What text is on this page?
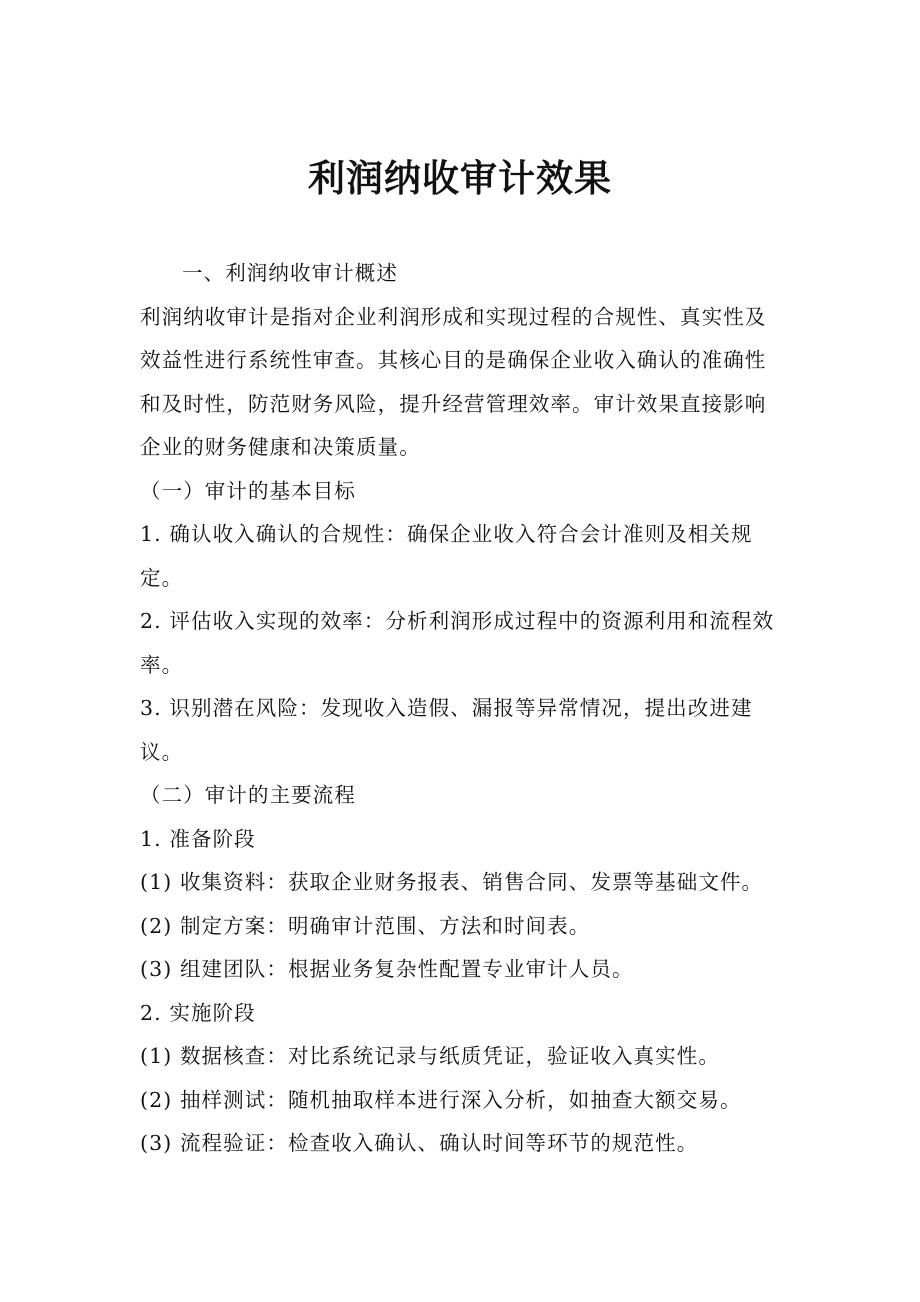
利润纳收审计效果

一、利润纳收审计概述

利润纳收审计是指对企业利润形成和实现过程的合规性、真实性及

效益性进行系统性审查。其核心目的是确保企业收入确认的准确性

和及时性，防范财务风险，提升经营管理效率。审计效果直接影响

企业的财务健康和决策质量。

（一）审计的基本目标

1. 确认收入确认的合规性：确保企业收入符合会计准则及相关规

定。

2. 评估收入实现的效率：分析利润形成过程中的资源利用和流程效

率。

3. 识别潜在风险：发现收入造假、漏报等异常情况，提出改进建

议。

（二）审计的主要流程

1. 准备阶段

(1) 收集资料：获取企业财务报表、销售合同、发票等基础文件。

(2) 制定方案：明确审计范围、方法和时间表。

(3) 组建团队：根据业务复杂性配置专业审计人员。

2. 实施阶段

(1) 数据核查：对比系统记录与纸质凭证，验证收入真实性。

(2) 抽样测试：随机抽取样本进行深入分析，如抽查大额交易。

(3) 流程验证：检查收入确认、确认时间等环节的规范性。
